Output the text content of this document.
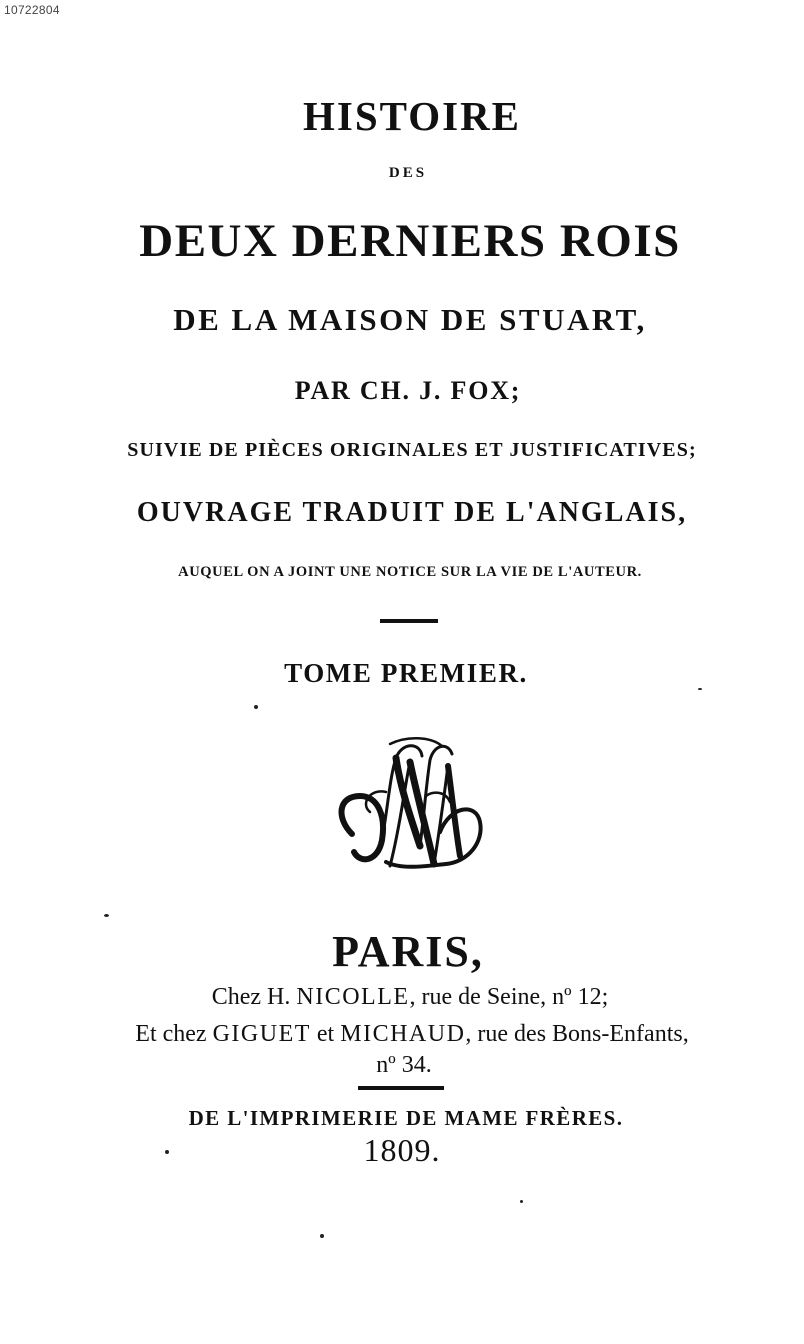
10722804
HISTOIRE
DES
DEUX DERNIERS ROIS
DE LA MAISON DE STUART,
PAR CH. J. FOX;
SUIVIE DE PIÈCES ORIGINALES ET JUSTIFICATIVES;
OUVRAGE TRADUIT DE L'ANGLAIS,
AUQUEL ON A JOINT UNE NOTICE SUR LA VIE DE L'AUTEUR.
TOME PREMIER.
PARIS,
Chez H. NICOLLE, rue de Seine, nº 12;
Et chez GIGUET et MICHAUD, rue des Bons-Enfants,
nº 34.
DE L'IMPRIMERIE DE MAME FRÈRES.
1809.
